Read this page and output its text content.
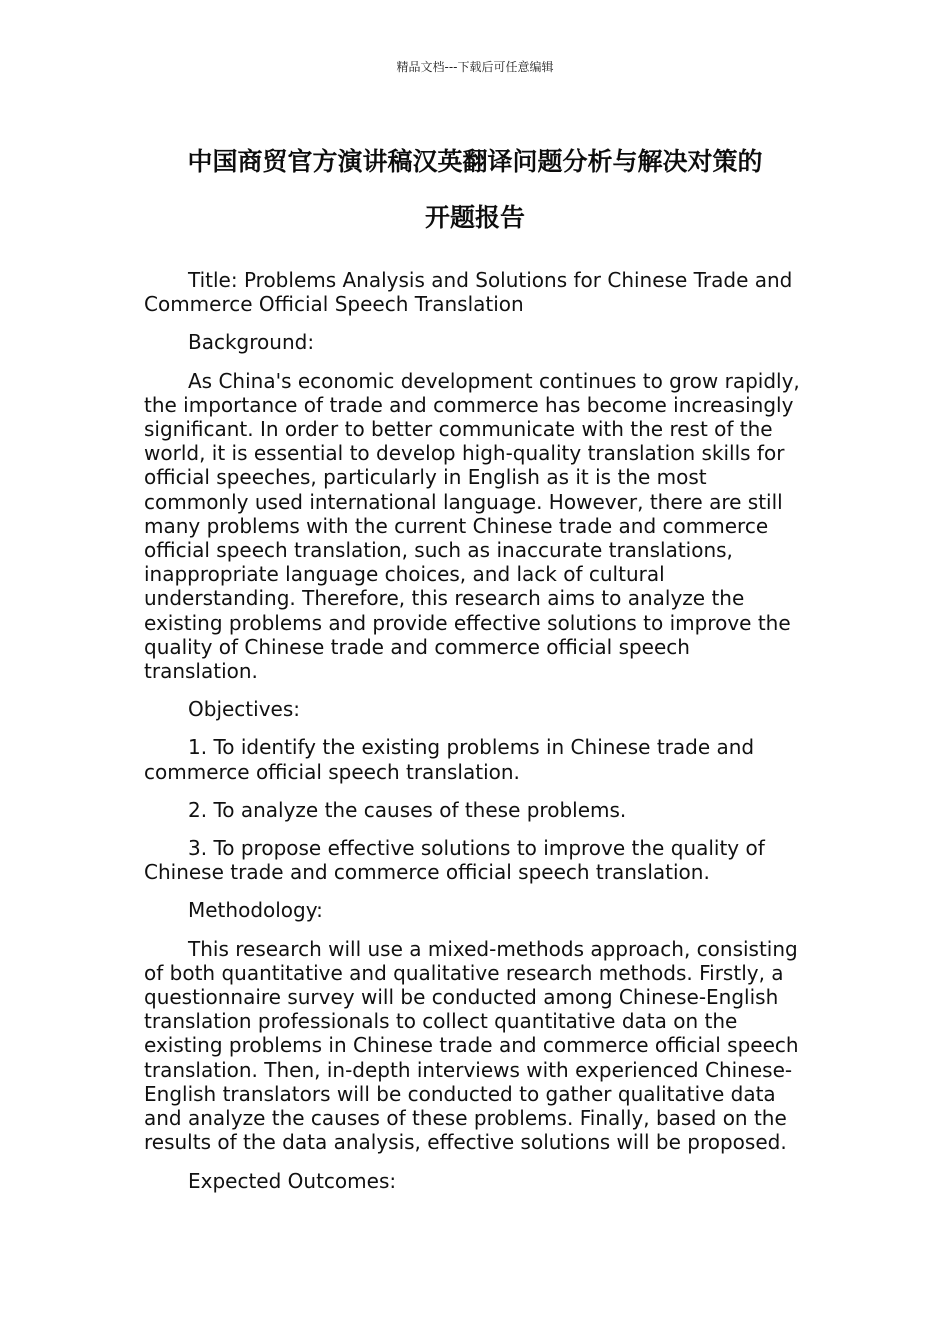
精品文档---下载后可任意编辑
中国商贸官方演讲稿汉英翻译问题分析与解决对策的
开题报告

Title: Problems Analysis and Solutions for Chinese Trade and Commerce Official Speech Translation

Background:

As China's economic development continues to grow rapidly, the importance of trade and commerce has become increasingly significant. In order to better communicate with the rest of the world, it is essential to develop high-quality translation skills for official speeches, particularly in English as it is the most commonly used international language. However, there are still many problems with the current Chinese trade and commerce official speech translation, such as inaccurate translations, inappropriate language choices, and lack of cultural understanding. Therefore, this research aims to analyze the existing problems and provide effective solutions to improve the quality of Chinese trade and commerce official speech translation.

Objectives:

1. To identify the existing problems in Chinese trade and commerce official speech translation.

2. To analyze the causes of these problems.

3. To propose effective solutions to improve the quality of Chinese trade and commerce official speech translation.

Methodology:

This research will use a mixed-methods approach, consisting of both quantitative and qualitative research methods. Firstly, a questionnaire survey will be conducted among Chinese-English translation professionals to collect quantitative data on the existing problems in Chinese trade and commerce official speech translation. Then, in-depth interviews with experienced Chinese-English translators will be conducted to gather qualitative data and analyze the causes of these problems. Finally, based on the results of the data analysis, effective solutions will be proposed.

Expected Outcomes:
